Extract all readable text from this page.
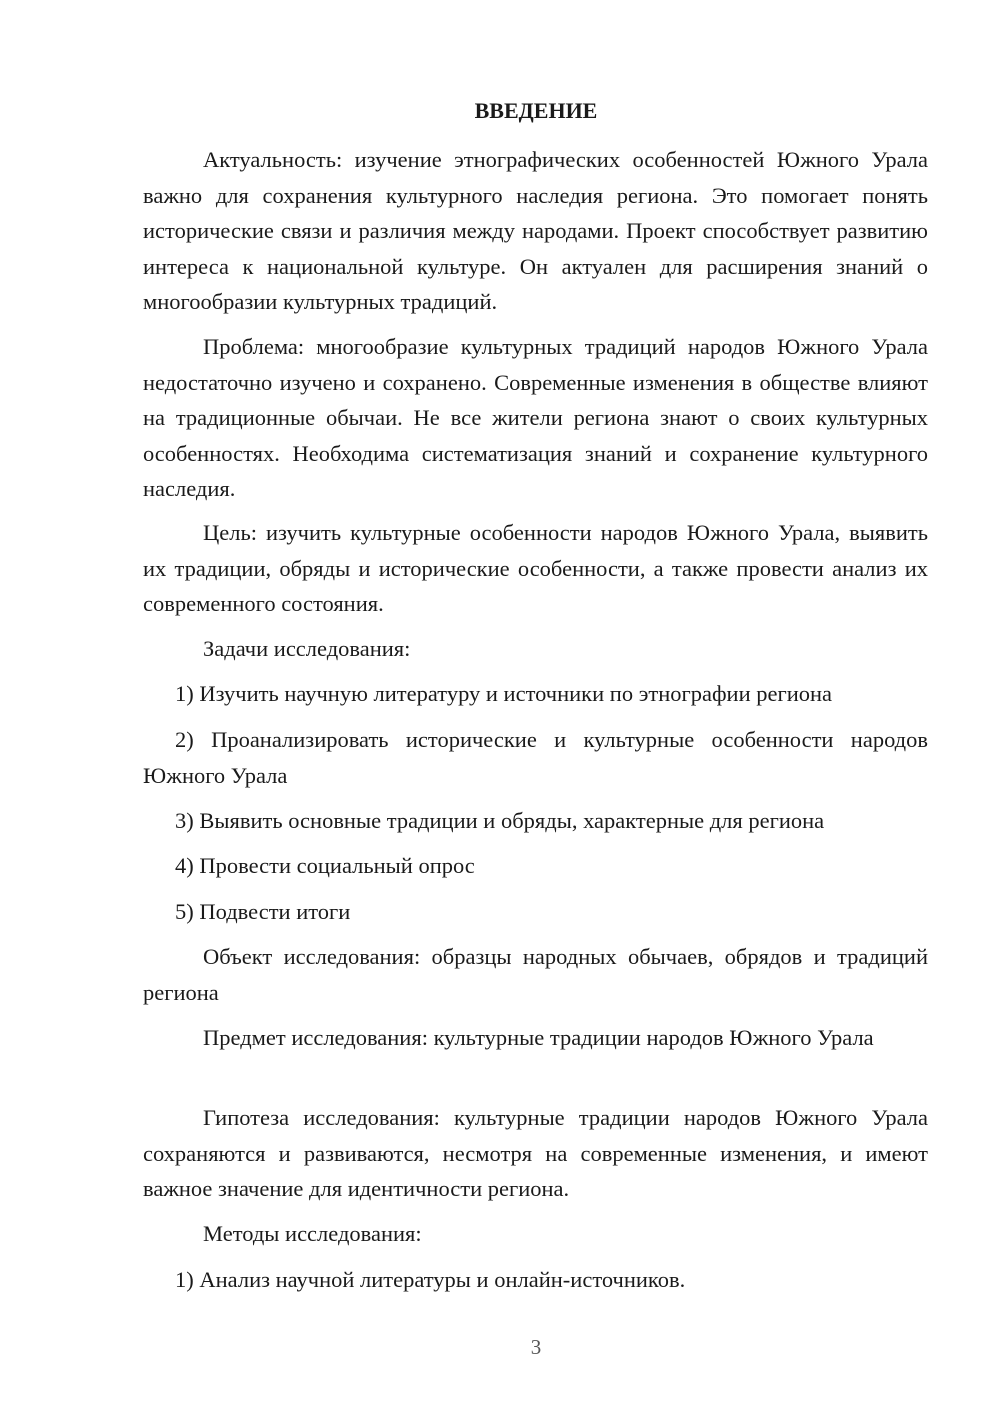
ВВЕДЕНИЕ

Актуальность: изучение этнографических особенностей Южного Урала важно для сохранения культурного наследия региона. Это помогает понять исторические связи и различия между народами. Проект способствует развитию интереса к национальной культуре. Он актуален для расширения знаний о многообразии культурных традиций.

Проблема: многообразие культурных традиций народов Южного Урала недостаточно изучено и сохранено. Современные изменения в обществе влияют на традиционные обычаи. Не все жители региона знают о своих культурных особенностях. Необходима систематизация знаний и сохранение культурного наследия.

Цель: изучить культурные особенности народов Южного Урала, выявить их традиции, обряды и исторические особенности, а также провести анализ их современного состояния.

Задачи исследования:

1) Изучить научную литературу и источники по этнографии региона

2) Проанализировать исторические и культурные особенности народов Южного Урала

3) Выявить основные традиции и обряды, характерные для региона

4) Провести социальный опрос

5) Подвести итоги

Объект исследования: образцы народных обычаев, обрядов и традиций региона

Предмет исследования: культурные традиции народов Южного Урала

Гипотеза исследования: культурные традиции народов Южного Урала сохраняются и развиваются, несмотря на современные изменения, и имеют важное значение для идентичности региона.

Методы исследования:

1) Анализ научной литературы и онлайн-источников.

3
